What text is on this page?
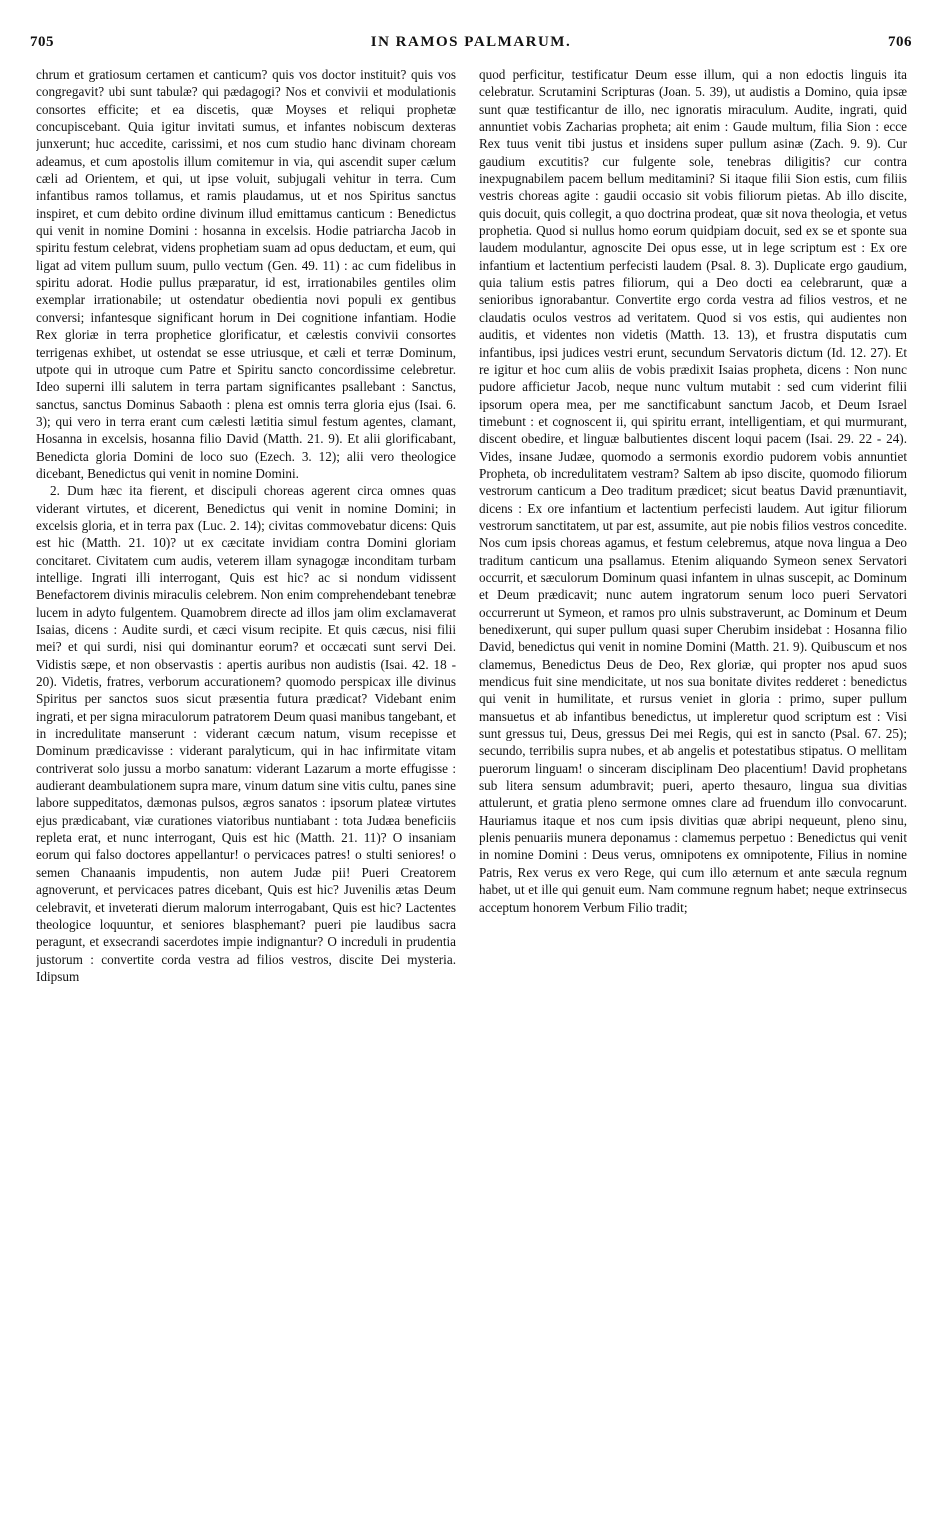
705	IN RAMOS PALMARUM.	706

chrum et gratiosum certamen et canticum? quis vos doctor instituit? quis vos congregavit? ubi sunt tabulæ? qui pædagogi? Nos et convivii et modulationis consortes efficite; et ea discetis, quæ Moyses et reliqui prophetæ concupiscebant. Quia igitur invitati sumus, et infantes nobiscum dexteras junxerunt; huc accedite, carissimi, et nos cum studio hanc divinam choream adeamus, et cum apostolis illum comitemur in via, qui ascendit super cælum cæli ad Orientem, et qui, ut ipse voluit, subjugali vehitur in terra. Cum infantibus ramos tollamus, et ramis plaudamus, ut et nos Spiritus sanctus inspiret, et cum debito ordine divinum illud emittamus canticum : Benedictus qui venit in nomine Domini : hosanna in excelsis. Hodie patriarcha Jacob in spiritu festum celebrat, videns prophetiam suam ad opus deductam, et eum, qui ligat ad vitem pullum suum, pullo vectum (Gen. 49. 11) : ac cum fidelibus in spiritu adorat. Hodie pullus præparatur, id est, irrationabiles gentiles olim exemplar irrationabile; ut ostendatur obedientia novi populi ex gentibus conversi; infantesque significant horum in Dei cognitione infantiam. Hodie Rex gloriæ in terra prophetice glorificatur, et cælestis convivii consortes terrigenas exhibet, ut ostendat se esse utriusque, et cæli et terræ Dominum, utpote qui in utroque cum Patre et Spiritu sancto concordissime celebretur. Ideo superni illi salutem in terra partam significantes psallebant : Sanctus, sanctus, sanctus Dominus Sabaoth : plena est omnis terra gloria ejus (Isai. 6. 3); qui vero in terra erant cum cælesti lætitia simul festum agentes, clamant, Hosanna in excelsis, hosanna filio David (Matth. 21. 9). Et alii glorificabant, Benedicta gloria Domini de loco suo (Ezech. 3. 12); alii vero theologice dicebant, Benedictus qui venit in nomine Domini.

2. Dum hæc ita fierent, et discipuli choreas agerent circa omnes quas viderant virtutes, et dicerent, Benedictus qui venit in nomine Domini; in excelsis gloria, et in terra pax (Luc. 2. 14); civitas commovebatur dicens: Quis est hic (Matth. 21. 10)? ut ex cæcitate invidiam contra Domini gloriam concitaret. Civitatem cum audis, veterem illam synagogæ inconditam turbam intellige. Ingrati illi interrogant, Quis est hic? ac si nondum vidissent Benefactorem divinis miraculis celebrem. Non enim comprehendebant tenebræ lucem in adyto fulgentem. Quamobrem directe ad illos jam olim exclamaverat Isaias, dicens : Audite surdi, et cæci visum recipite. Et quis cæcus, nisi filii mei? et qui surdi, nisi qui dominantur eorum? et occæcati sunt servi Dei. Vidistis sæpe, et non observastis : apertis auribus non audistis (Isai. 42. 18 - 20). Videtis, fratres, verborum accurationem? quomodo perspicax ille divinus Spiritus per sanctos suos sicut præsentia futura prædicat? Videbant enim ingrati, et per signa miraculorum patratorem Deum quasi manibus tangebant, et in incredulitate manserunt : viderant cæcum natum, visum recepisse et Dominum prædicavisse : viderant paralyticum, qui in hac infirmitate vitam contriverat solo jussu a morbo sanatum: viderant Lazarum a morte effugisse : audierant deambulationem supra mare, vinum datum sine vitis cultu, panes sine labore suppeditatos, dæmonas pulsos, ægros sanatos : ipsorum plateæ virtutes ejus prædicabant, viæ curationes viatoribus nuntiabant : tota Judæa beneficiis repleta erat, et nunc interrogant, Quis est hic (Matth. 21. 11)? O insaniam eorum qui falso doctores appellantur! o pervicaces patres! o stulti seniores! o semen Chanaanis impudentis, non autem Judæ pii! Pueri Creatorem agnoverunt, et pervicaces patres dicebant, Quis est hic? Juvenilis ætas Deum celebravit, et inveterati dierum malorum interrogabant, Quis est hic? Lactentes theologice loquuntur, et seniores blasphemant? pueri pie laudibus sacra peragunt, et exsecrandi sacerdotes impie indignantur? O increduli in prudentia justorum : convertite corda vestra ad filios vestros, discite Dei mysteria. Idipsum

quod perficitur, testificatur Deum esse illum, qui a non edoctis linguis ita celebratur. Scrutamini Scripturas (Joan. 5. 39), ut audistis a Domino, quia ipsæ sunt quæ testificantur de illo, nec ignoratis miraculum. Audite, ingrati, quid annuntiet vobis Zacharias propheta; ait enim : Gaude multum, filia Sion : ecce Rex tuus venit tibi justus et insidens super pullum asinæ (Zach. 9. 9). Cur gaudium excutitis? cur fulgente sole, tenebras diligitis? cur contra inexpugnabilem pacem bellum meditamini? Si itaque filii Sion estis, cum filiis vestris choreas agite : gaudii occasio sit vobis filiorum pietas. Ab illo discite, quis docuit, quis collegit, a quo doctrina prodeat, quæ sit nova theologia, et vetus prophetia. Quod si nullus homo eorum quidpiam docuit, sed ex se et sponte sua laudem modulantur, agnoscite Dei opus esse, ut in lege scriptum est : Ex ore infantium et lactentium perfecisti laudem (Psal. 8. 3). Duplicate ergo gaudium, quia talium estis patres filiorum, qui a Deo docti ea celebrarunt, quæ a senioribus ignorabantur. Convertite ergo corda vestra ad filios vestros, et ne claudatis oculos vestros ad veritatem. Quod si vos estis, qui audientes non auditis, et videntes non videtis (Matth. 13. 13), et frustra disputatis cum infantibus, ipsi judices vestri erunt, secundum Servatoris dictum (Id. 12. 27). Et re igitur et hoc cum aliis de vobis prædixit Isaias propheta, dicens : Non nunc pudore afficietur Jacob, neque nunc vultum mutabit : sed cum viderint filii ipsorum opera mea, per me sanctificabunt sanctum Jacob, et Deum Israel timebunt : et cognoscent ii, qui spiritu errant, intelligentiam, et qui murmurant, discent obedire, et linguæ balbutientes discent loqui pacem (Isai. 29. 22 - 24). Vides, insane Judæe, quomodo a sermonis exordio pudorem vobis annuntiet Propheta, ob incredulitatem vestram? Saltem ab ipso discite, quomodo filiorum vestrorum canticum a Deo traditum prædicet; sicut beatus David prænuntiavit, dicens : Ex ore infantium et lactentium perfecisti laudem. Aut igitur filiorum vestrorum sanctitatem, ut par est, assumite, aut pie nobis filios vestros concedite. Nos cum ipsis choreas agamus, et festum celebremus, atque nova lingua a Deo traditum canticum una psallamus. Etenim aliquando Symeon senex Servatori occurrit, et sæculorum Dominum quasi infantem in ulnas suscepit, ac Dominum et Deum prædicavit; nunc autem ingratorum senum loco pueri Servatori occurrerunt ut Symeon, et ramos pro ulnis substraverunt, ac Dominum et Deum benedixerunt, qui super pullum quasi super Cherubim insidebat : Hosanna filio David, benedictus qui venit in nomine Domini (Matth. 21. 9). Quibuscum et nos clamemus, Benedictus Deus de Deo, Rex gloriæ, qui propter nos apud suos mendicus fuit sine mendicitate, ut nos sua bonitate divites redderet : benedictus qui venit in humilitate, et rursus veniet in gloria : primo, super pullum mansuetus et ab infantibus benedictus, ut impleretur quod scriptum est : Visi sunt gressus tui, Deus, gressus Dei mei Regis, qui est in sancto (Psal. 67. 25); secundo, terribilis supra nubes, et ab angelis et potestatibus stipatus. O mellitam puerorum linguam! o sinceram disciplinam Deo placentium! David prophetans sub litera sensum adumbravit; pueri, aperto thesauro, lingua sua divitias attulerunt, et gratia pleno sermone omnes clare ad fruendum illo convocarunt. Hauriamus itaque et nos cum ipsis divitias quæ abripi nequeunt, pleno sinu, plenis penuariis munera deponamus : clamemus perpetuo : Benedictus qui venit in nomine Domini : Deus verus, omnipotens ex omnipotente, Filius in nomine Patris, Rex verus ex vero Rege, qui cum illo æternum et ante sæcula regnum habet, ut et ille qui genuit eum. Nam commune regnum habet; neque extrinsecus acceptum honorem Verbum Filio tradit;
